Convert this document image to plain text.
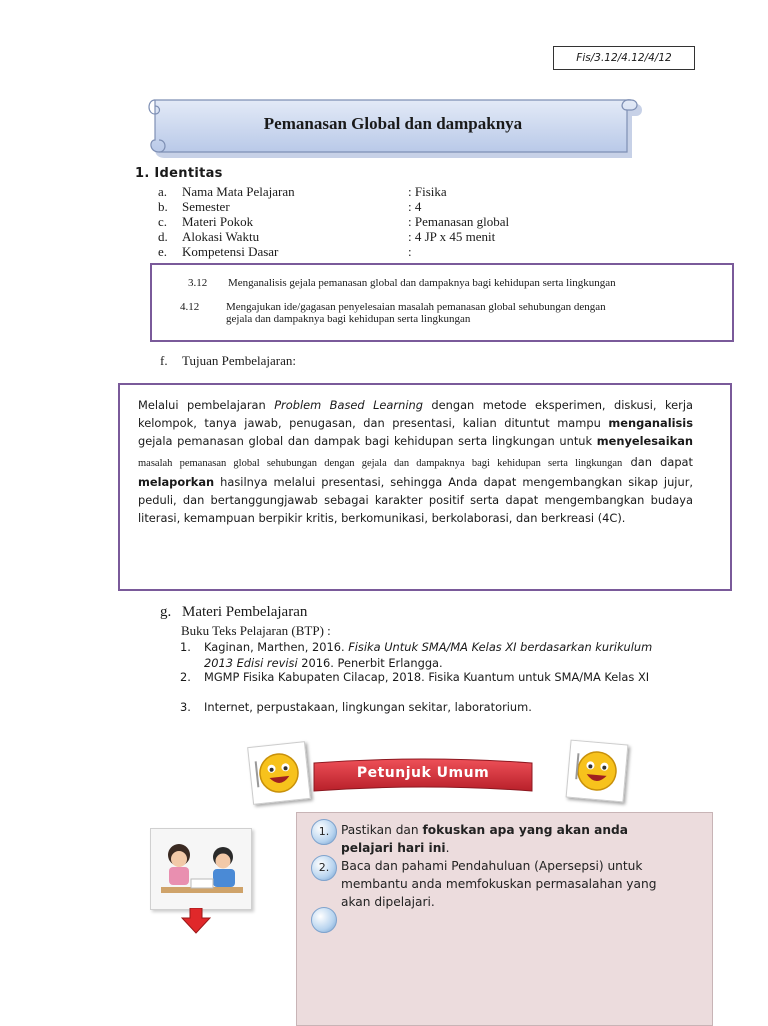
Fis/3.12/4.12/4/12
Pemanasan Global dan dampaknya
1. Identitas
a. Nama Mata Pelajaran	: Fisika
b. Semester	: 4
c. Materi Pokok	: Pemanasan global
d. Alokasi Waktu	: 4 JP x 45 menit
e. Kompetensi Dasar	:
3.12 Menganalisis gejala pemanasan global dan dampaknya bagi kehidupan serta lingkungan
4.12 Mengajukan ide/gagasan penyelesaian masalah pemanasan global sehubungan dengan
gejala dan dampaknya bagi kehidupan serta lingkungan
f. Tujuan Pembelajaran:
Melalui pembelajaran Problem Based Learning dengan metode eksperimen, diskusi, kerja kelompok, tanya jawab, penugasan, dan presentasi, kalian dituntut mampu menganalisis gejala pemanasan global dan dampak bagi kehidupan serta lingkungan untuk menyelesaikan masalah pemanasan global sehubungan dengan gejala dan dampaknya bagi kehidupan serta lingkungan dan dapat melaporkan hasilnya melalui presentasi, sehingga Anda dapat mengembangkan sikap jujur, peduli, dan bertanggungjawab sebagai karakter positif serta dapat mengembangkan budaya literasi, kemampuan berpikir kritis, berkomunikasi, berkolaborasi, dan berkreasi (4C).
g. Materi Pembelajaran
Buku Teks Pelajaran (BTP) :
1. Kaginan, Marthen, 2016. Fisika Untuk SMA/MA Kelas XI berdasarkan kurikulum 2013 Edisi revisi 2016. Penerbit Erlangga.
2. MGMP Fisika Kabupaten Cilacap, 2018. Fisika Kuantum untuk SMA/MA Kelas XI
3. Internet, perpustakaan, lingkungan sekitar, laboratorium.
Petunjuk Umum
1. Pastikan dan fokuskan apa yang akan anda pelajari hari ini.
2. Baca dan pahami Pendahuluan (Apersepsi) untuk membantu anda memfokuskan permasalahan yang akan dipelajari.
